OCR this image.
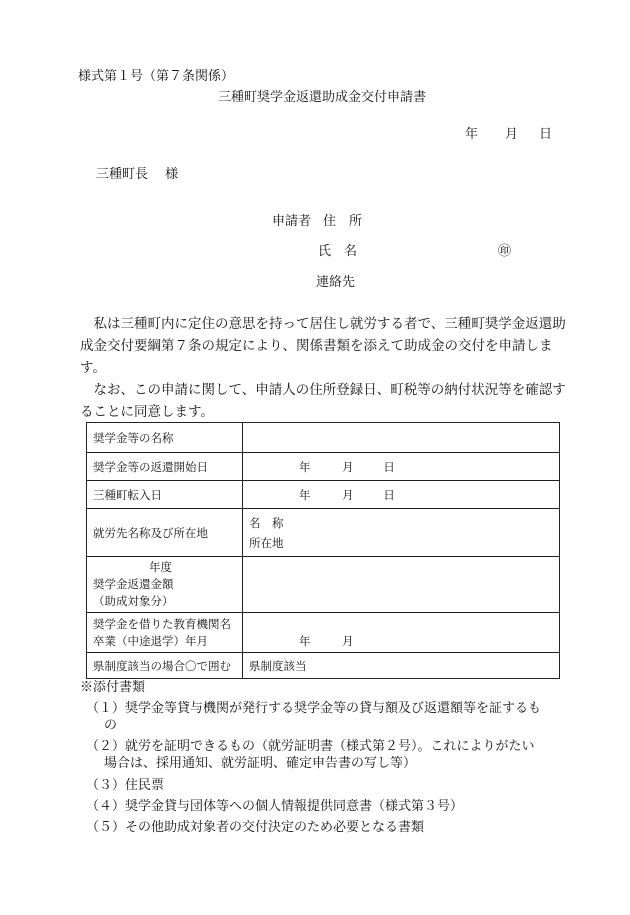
様式第１号（第７条関係）
三種町奨学金返還助成金交付申請書
年 月 日
三種町長　 様
申請者 住　所
氏　名	㊞
連絡先
　私は三種町内に定住の意思を持って居住し就労する者で、三種町奨学金返還助成金交付要綱第７条の規定により、関係書類を添えて助成金の交付を申請します。
　なお、この申請に関して、申請人の住所登録日、町税等の納付状況等を確認することに同意します。
奨学金等の名称	
奨学金等の返還開始日	年 月 日
三種町転入日	年 月 日
就労先名称及び所在地	名　称
所在地

年度
奨学金返還金額
（助成対象分）	

奨学金を借りた教育機関名
卒業（中途退学）年月	年 月
県制度該当の場合〇で囲む	県制度該当
※添付書類
（１）奨学金等貸与機関が発行する奨学金等の貸与額及び返還額等を証するも
の
（２）就労を証明できるもの（就労証明書（様式第２号）。これによりがたい
場合は、採用通知、就労証明、確定申告書の写し等）
（３）住民票
（４）奨学金貸与団体等への個人情報提供同意書（様式第３号）
（５）その他助成対象者の交付決定のため必要となる書類
